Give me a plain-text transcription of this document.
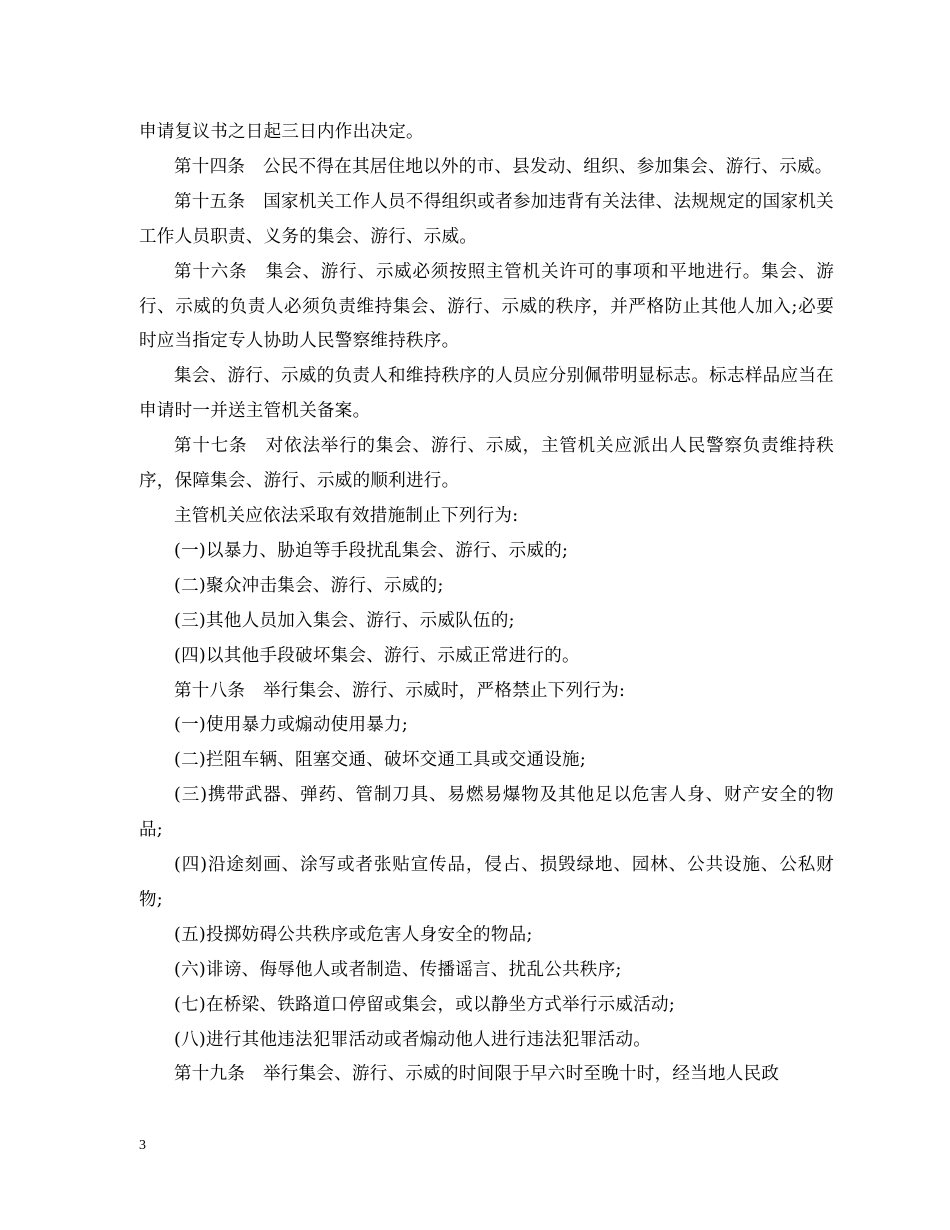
申请复议书之日起三日内作出决定。

第十四条　公民不得在其居住地以外的市、县发动、组织、参加集会、游行、示威。

第十五条　国家机关工作人员不得组织或者参加违背有关法律、法规规定的国家机关工作人员职责、义务的集会、游行、示威。

第十六条　集会、游行、示威必须按照主管机关许可的事项和平地进行。集会、游行、示威的负责人必须负责维持集会、游行、示威的秩序，并严格防止其他人加入;必要时应当指定专人协助人民警察维持秩序。

集会、游行、示威的负责人和维持秩序的人员应分别佩带明显标志。标志样品应当在申请时一并送主管机关备案。

第十七条　对依法举行的集会、游行、示威，主管机关应派出人民警察负责维持秩序，保障集会、游行、示威的顺利进行。

主管机关应依法采取有效措施制止下列行为:

(一)以暴力、胁迫等手段扰乱集会、游行、示威的;

(二)聚众冲击集会、游行、示威的;

(三)其他人员加入集会、游行、示威队伍的;

(四)以其他手段破坏集会、游行、示威正常进行的。

第十八条　举行集会、游行、示威时，严格禁止下列行为:

(一)使用暴力或煽动使用暴力;

(二)拦阻车辆、阻塞交通、破坏交通工具或交通设施;

(三)携带武器、弹药、管制刀具、易燃易爆物及其他足以危害人身、财产安全的物品;

(四)沿途刻画、涂写或者张贴宣传品，侵占、损毁绿地、园林、公共设施、公私财物;

(五)投掷妨碍公共秩序或危害人身安全的物品;

(六)诽谤、侮辱他人或者制造、传播谣言、扰乱公共秩序;

(七)在桥梁、铁路道口停留或集会，或以静坐方式举行示威活动;

(八)进行其他违法犯罪活动或者煽动他人进行违法犯罪活动。

第十九条　举行集会、游行、示威的时间限于早六时至晚十时，经当地人民政

3
